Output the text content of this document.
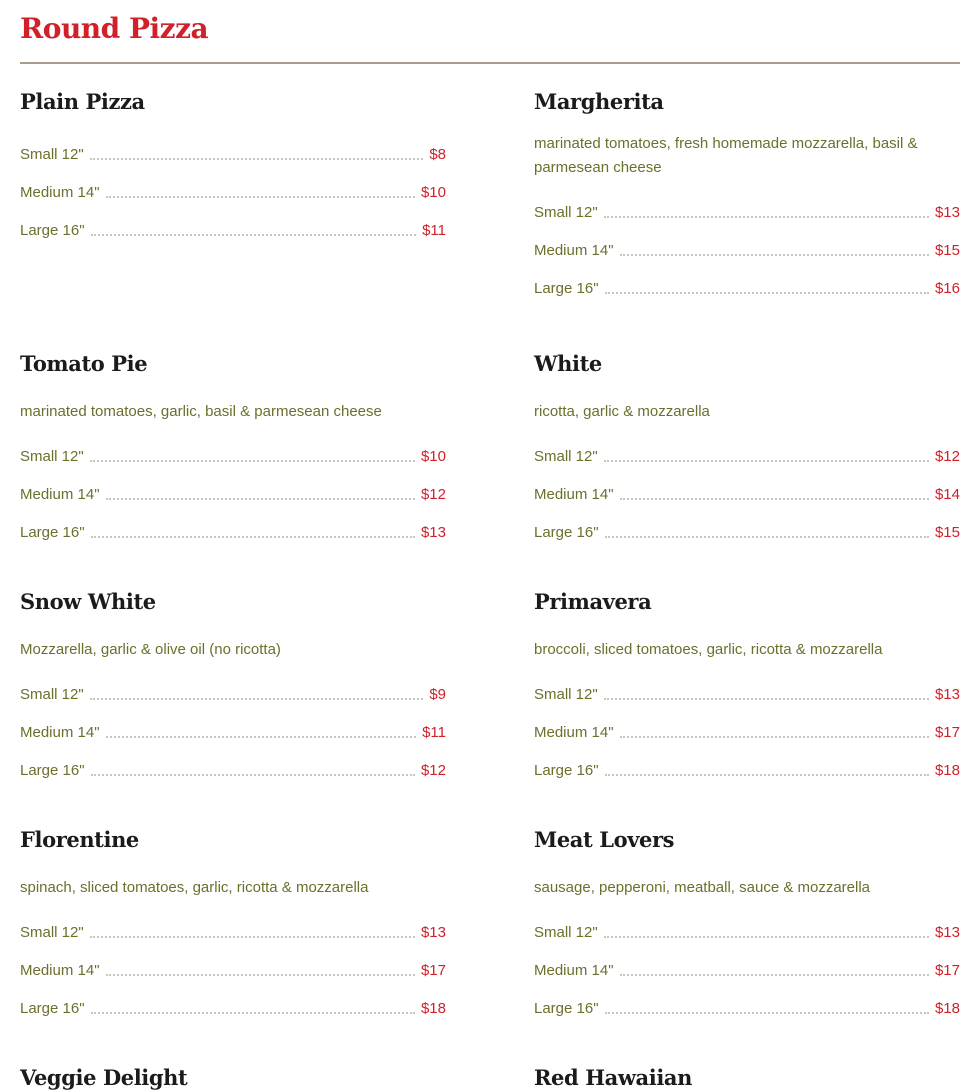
Round Pizza
Plain Pizza
Small 12"	$8
Medium 14"	$10
Large 16"	$11
Margherita

marinated tomatoes, fresh homemade mozzarella, basil & parmesean cheese

Small 12"	$13
Medium 14"	$15
Large 16"	$16
Tomato Pie

marinated tomatoes, garlic, basil & parmesean cheese

Small 12"	$10
Medium 14"	$12
Large 16"	$13
White

ricotta, garlic & mozzarella

Small 12"	$12
Medium 14"	$14
Large 16"	$15
Snow White

Mozzarella, garlic & olive oil (no ricotta)

Small 12"	$9
Medium 14"	$11
Large 16"	$12
Primavera

broccoli, sliced tomatoes, garlic, ricotta & mozzarella

Small 12"	$13
Medium 14"	$17
Large 16"	$18
Florentine

spinach, sliced tomatoes, garlic, ricotta & mozzarella

Small 12"	$13
Medium 14"	$17
Large 16"	$18
Meat Lovers

sausage, pepperoni, meatball, sauce & mozzarella

Small 12"	$13
Medium 14"	$17
Large 16"	$18
Veggie Delight	Red Hawaiian
